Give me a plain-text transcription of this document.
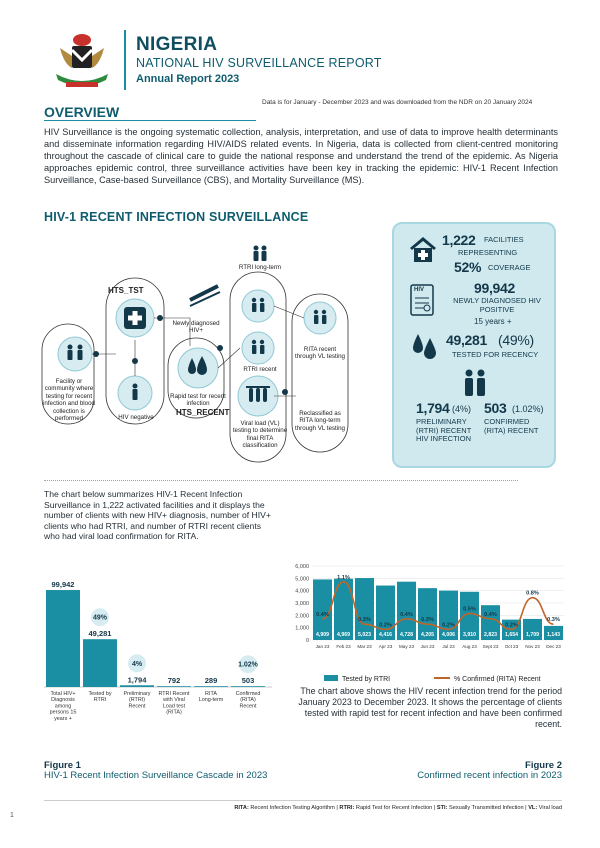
NIGERIA
NATIONAL HIV SURVEILLANCE REPORT
Annual Report 2023
Data is for January - December 2023 and was downloaded from the NDR on 20 January 2024
OVERVIEW
HIV Surveillance is the ongoing systematic collection, analysis, interpretation, and use of data to improve health determinants and disseminate information regarding HIV/AIDS related events. In Nigeria, data is collected from client-centred monitoring throughout the cascade of clinical care to guide the national response and understand the trend of the epidemic. As Nigeria approaches epidemic control, three surveillance activities have been key in tracking the epidemic: HIV-1 Recent Infection Surveillance, Case-based Surveillance (CBS), and Mortality Surveillance (MS).
HIV-1 RECENT INFECTION SURVEILLANCE
HTS_TST
HTS_RECENT
Facility or community where testing for recent infection and blood collection is performed	HIV negative
Newly diagnosed HIV+
Rapid test for recent infection
RTRI long-term
RTRI recent
Viral load (VL) testing to determine final RITA classification
RITA recent through VL testing
Reclassified as RITA long-term through VL testing
1,222 FACILITIES
REPRESENTING
52% COVERAGE
HIV	99,942
NEWLY DIAGNOSED HIV POSITIVE
15 years +
49,281 (49%)
TESTED FOR RECENCY
1,794 (4%)
PRELIMINARY (RTRI) RECENT HIV INFECTION
503 (1.02%)
CONFIRMED (RITA) RECENT
The chart below summarizes HIV-1 Recent Infection Surveillance in 1,222 activated facilities and it displays the number of clients with new HIV+ diagnosis, number of HIV+ clients who had RTRI, and number of RTRI recent clients who had viral load confirmation for RITA.
99,942
Total HIV+ Diagnosis among persons 15 years +
49,281
49%
Tested by RTRI
1,794
4%
Preliminary (RTRI) Recent
792
RTRI Recent with Viral Load test (RITA)
289
RITA Long-term
503
1.02%
Confirmed (RITA) Recent
0
1,000
2,000
3,000
4,000
5,000
6,000
4,909
Jan 23
4,969
Feb 23
5,023
Mar 23
4,416
Apr 23
4,728
May 23
4,205
Jun 23
4,006
Jul 23
3,910
Aug 23
2,823
Sept 23
1,654
Oct 23
1,709
Nov 23
1,143
Dec 23
0.4%
1.1%
0.3%
0.2%
0.4%
0.3%
0.2%
0.5%
0.4%
0.2%
0.8%
0.3%
Tested by RTRI	% Confirmed (RITA) Recent
The chart above shows the HIV recent infection trend for the period January 2023 to December 2023. It shows the percentage of clients tested with rapid test for recent infection and have been confirmed recent.
Figure 1
HIV-1 Recent Infection Surveillance Cascade in 2023
Figure 2
Confirmed recent infection in 2023
RITA: Recent Infection Testing Algorithm | RTRI: Rapid Test for Recent Infection | STI: Sexually Transmitted Infection | VL: Viral load
1
